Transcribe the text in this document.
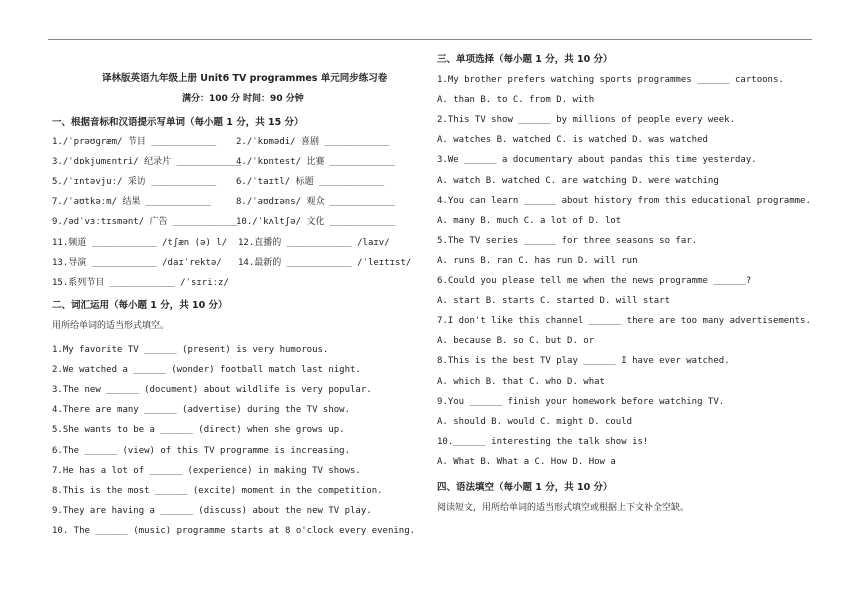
译林版英语九年级上册 Unit6 TV programmes 单元同步练习卷
满分：100 分 时间：90 分钟
一、根据音标和汉语提示写单词（每小题 1 分，共 15 分）
1./ˈprəʊɡræm/ 节目 ____________ 2./ˈkɒmədi/ 喜剧 ____________
3./ˈdɒkjumɛntri/ 纪录片 ____________
4./ˈkɒntest/ 比赛 ____________
5./ˈɪntəvjuː/ 采访 ____________ 6./ˈtaɪtl/ 标题 ____________
7./ˈaʊtkəːm/ 结果 ____________	8./ˈaʊdɪəns/ 观众 ____________
9./ədˈvɜːtɪsmənt/ 广告 ____________
10./ˈkʌltʃə/ 文化 ____________
11.频道 ____________ /tʃæn (ə) l/ 12.直播的 ____________ /laɪv/
13.导演 ____________ /daɪˈrektə/ 14.最新的 ____________ /ˈleɪtɪst/
15.系列节目 ____________ /ˈsɪriːz/
二、词汇运用（每小题 1 分，共 10 分）
用所给单词的适当形式填空。
1.My favorite TV ______ (present) is very humorous.
2.We watched a ______ (wonder) football match last night.
3.The new ______ (document) about wildlife is very popular.
4.There are many ______ (advertise) during the TV show.
5.She wants to be a ______ (direct) when she grows up.
6.The ______ (view) of this TV programme is increasing.
7.He has a lot of ______ (experience) in making TV shows.
8.This is the most ______ (excite) moment in the competition.
9.They are having a ______ (discuss) about the new TV play.
10. The ______ (music) programme starts at 8 o'clock every evening.
三、单项选择（每小题 1 分，共 10 分）
1.My brother prefers watching sports programmes ______ cartoons.
A. than B. to C. from D. with
2.This TV show ______ by millions of people every week.
A. watches B. watched C. is watched D. was watched
3.We ______ a documentary about pandas this time yesterday.
A. watch B. watched C. are watching D. were watching
4.You can learn ______ about history from this educational programme.
A. many B. much C. a lot of D. lot
5.The TV series ______ for three seasons so far.
A. runs B. ran C. has run D. will run
6.Could you please tell me when the news programme ______?
A. start B. starts C. started D. will start
7.I don't like this channel ______ there are too many advertisements.
A. because B. so C. but D. or
8.This is the best TV play ______ I have ever watched.
A. which B. that C. who D. what
9.You ______ finish your homework before watching TV.
A. should B. would C. might D. could
10.______ interesting the talk show is!
A. What B. What a C. How D. How a
四、语法填空（每小题 1 分，共 10 分）
阅读短文，用所给单词的适当形式填空或根据上下文补全空缺。
